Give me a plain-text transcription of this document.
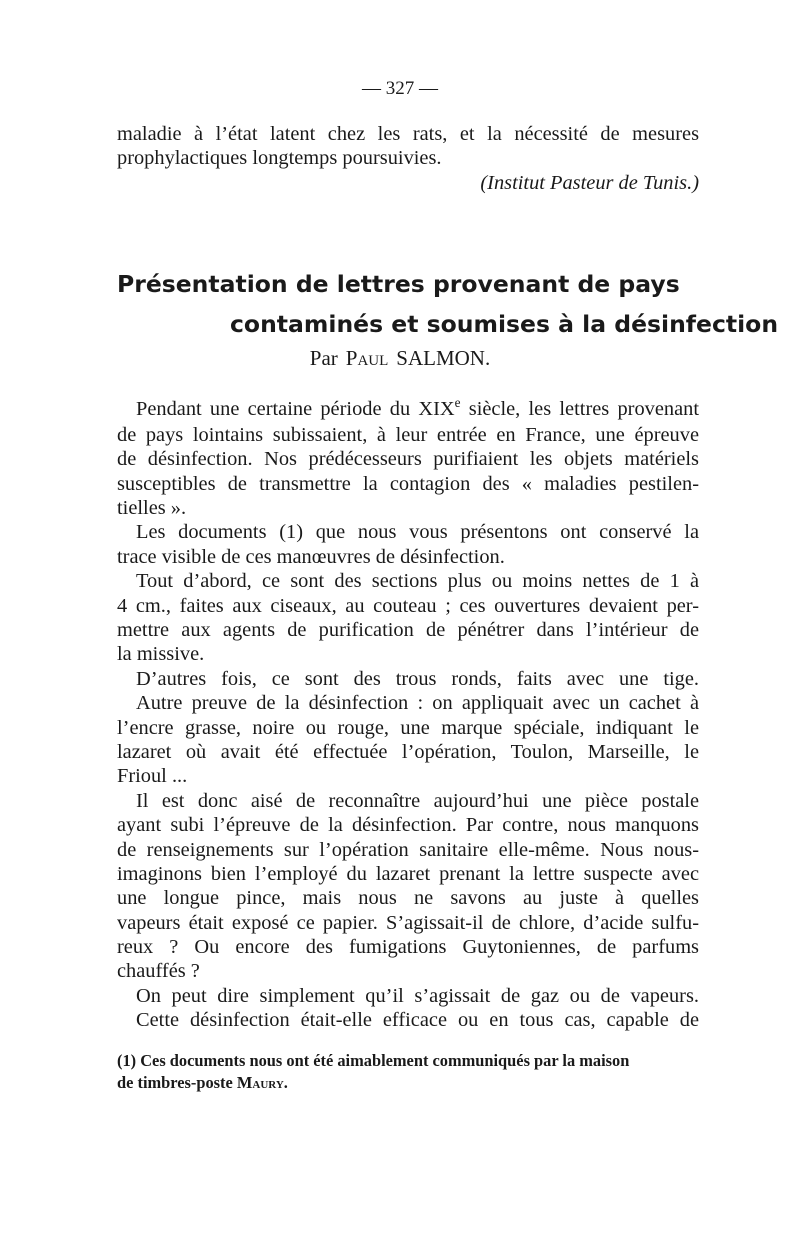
— 327 —
maladie à l’état latent chez les rats, et la nécessité de mesures
prophylactiques longtemps poursuivies.
(Institut Pasteur de Tunis.)
Présentation de lettres provenant de pays
contaminés et soumises à la désinfection
Par Paul SALMON.
Pendant une certaine période du XIXe siècle, les lettres provenant
de pays lointains subissaient, à leur entrée en France, une épreuve
de désinfection. Nos prédécesseurs purifiaient les objets matériels
susceptibles de transmettre la contagion des « maladies pestilen-
tielles ».
Les documents (1) que nous vous présentons ont conservé la
trace visible de ces manœuvres de désinfection.
Tout d’abord, ce sont des sections plus ou moins nettes de 1 à
4 cm., faites aux ciseaux, au couteau ; ces ouvertures devaient per-
mettre aux agents de purification de pénétrer dans l’intérieur de
la missive.
D’autres fois, ce sont des trous ronds, faits avec une tige.
Autre preuve de la désinfection : on appliquait avec un cachet à
l’encre grasse, noire ou rouge, une marque spéciale, indiquant le
lazaret où avait été effectuée l’opération, Toulon, Marseille, le
Frioul ...
Il est donc aisé de reconnaître aujourd’hui une pièce postale
ayant subi l’épreuve de la désinfection. Par contre, nous manquons
de renseignements sur l’opération sanitaire elle-même. Nous nous-
imaginons bien l’employé du lazaret prenant la lettre suspecte avec
une longue pince, mais nous ne savons au juste à quelles
vapeurs était exposé ce papier. S’agissait-il de chlore, d’acide sulfu-
reux ? Ou encore des fumigations Guytoniennes, de parfums
chauffés ?
On peut dire simplement qu’il s’agissait de gaz ou de vapeurs.
Cette désinfection était-elle efficace ou en tous cas, capable de
(1) Ces documents nous ont été aimablement communiqués par la maison
de timbres-poste Maury.
